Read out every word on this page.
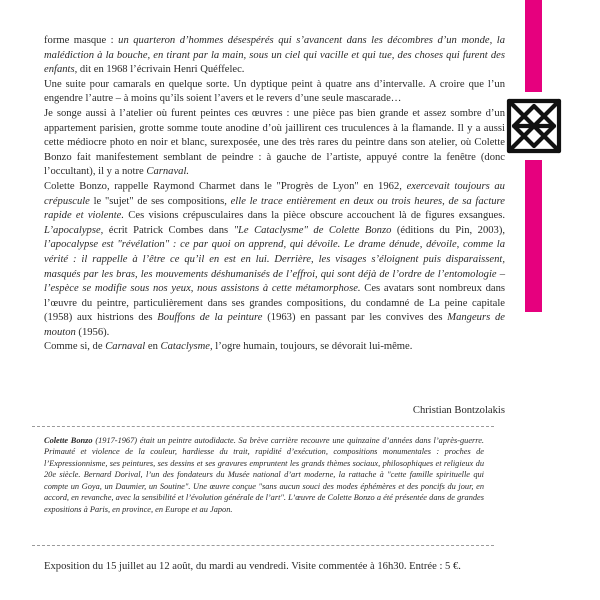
forme masque : un quarteron d’hommes désespérés qui s’avancent dans les décombres d’un monde, la malédiction à la bouche, en tirant par la main, sous un ciel qui vacille et qui tue, des choses qui furent des enfants, dit en 1968 l’écrivain Henri Quéffelec.

Une suite pour camarals en quelque sorte. Un dyptique peint à quatre ans d’intervalle. A croire que l’un engendre l’autre – à moins qu’ils soient l’avers et le revers d’une seule mascarade…

Je songe aussi à l’atelier où furent peintes ces œuvres : une pièce pas bien grande et assez sombre d’un appartement parisien, grotte somme toute anodine d’où jaillirent ces truculences à la flamande. Il y a aussi cette médiocre photo en noir et blanc, surexposée, une des très rares du peintre dans son atelier, où Colette Bonzo fait manifestement semblant de peindre : à gauche de l’artiste, appuyé contre la fenêtre (donc l’occultant), il y a notre Carnaval.

Colette Bonzo, rappelle Raymond Charmet dans le "Progrès de Lyon" en 1962, exercevait toujours au crépuscule le "sujet" de ses compositions, elle le trace entièrement en deux ou trois heures, de sa facture rapide et violente. Ces visions crépusculaires dans la pièce obscure accouchent là de figures exsangues. L’apocalypse, écrit Patrick Combes dans "Le Cataclysme" de Colette Bonzo (éditions du Pin, 2003), l’apocalypse est "révélation" : ce par quoi on apprend, qui dévoile. Le drame dénude, dévoile, comme la vérité : il rappelle à l’être ce qu’il en est en lui. Derrière, les visages s’éloignent puis disparaissent, masqués par les bras, les mouvements déshumanisés de l’effroi, qui sont déjà de l’ordre de l’entomologie – l’espèce se modifie sous nos yeux, nous assistons à cette métamorphose. Ces avatars sont nombreux dans l’œuvre du peintre, particulièrement dans ses grandes compositions, du condamné de La peine capitale (1958) aux histrions des Bouffons de la peinture (1963) en passant par les convives des Mangeurs de mouton (1956).

Comme si, de Carnaval en Cataclysme, l’ogre humain, toujours, se dévorait lui-même.

Christian Bontzolakis

Colette Bonzo (1917-1967) était un peintre autodidacte. Sa brève carrière recouvre une quinzaine d’années dans l’après-guerre. Primauté et violence de la couleur, hardiesse du trait, rapidité d’exécution, compositions monumentales : proches de l’Expressionnisme, ses peintures, ses dessins et ses gravures empruntent les grands thèmes sociaux, philosophiques et religieux du 20e siècle. Bernard Dorival, l’un des fondateurs du Musée national d’art moderne, la rattache à "cette famille spirituelle qui compte un Goya, un Daumier, un Soutine". Une œuvre conçue "sans aucun souci des modes éphémères et des poncifs du jour, en accord, en revanche, avec la sensibilité et l’évolution générale de l’art". L’œuvre de Colette Bonzo a été présentée dans de grandes expositions à Paris, en province, en Europe et au Japon.

Exposition du 15 juillet au 12 août, du mardi au vendredi. Visite commentée à 16h30. Entrée : 5 €.
